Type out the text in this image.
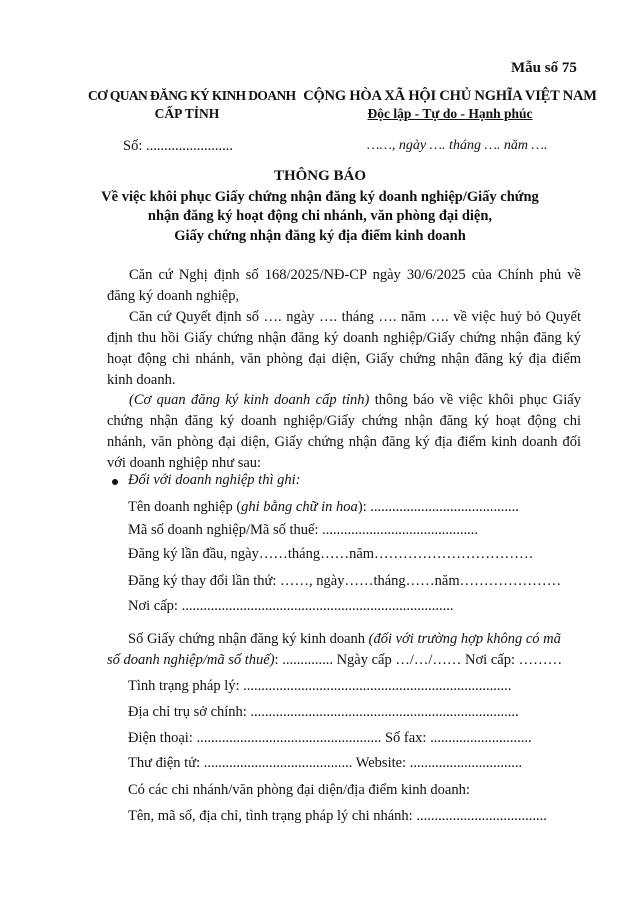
Mẫu số 75
CƠ QUAN ĐĂNG KÝ KINH DOANH
CẤP TỈNH
CỘNG HÒA XÃ HỘI CHỦ NGHĨA VIỆT NAM
Độc lập - Tự do - Hạnh phúc
Số: ........................	……, ngày …. tháng …. năm ….
THÔNG BÁO
Về việc khôi phục Giấy chứng nhận đăng ký doanh nghiệp/Giấy chứng
nhận đăng ký hoạt động chi nhánh, văn phòng đại diện,
Giấy chứng nhận đăng ký địa điểm kinh doanh
Căn cứ Nghị định số 168/2025/NĐ-CP ngày 30/6/2025 của Chính phủ về đăng ký doanh nghiệp,
Căn cứ Quyết định số …. ngày …. tháng …. năm …. về việc huỷ bỏ Quyết định thu hồi Giấy chứng nhận đăng ký doanh nghiệp/Giấy chứng nhận đăng ký hoạt động chi nhánh, văn phòng đại diện, Giấy chứng nhận đăng ký địa điểm kinh doanh.
(Cơ quan đăng ký kinh doanh cấp tỉnh) thông báo về việc khôi phục Giấy chứng nhận đăng ký doanh nghiệp/Giấy chứng nhận đăng ký hoạt động chi nhánh, văn phòng đại diện, Giấy chứng nhận đăng ký địa điểm kinh doanh đối với doanh nghiệp như sau:
Đối với doanh nghiệp thì ghi:
Tên doanh nghiệp (ghi bằng chữ in hoa): .........................................
Mã số doanh nghiệp/Mã số thuế: ...........................................
Đăng ký lần đầu, ngày……tháng……năm……………………………
Đăng ký thay đổi lần thứ: ……, ngày……tháng……năm…………………
Nơi cấp: ...........................................................................
Số Giấy chứng nhận đăng ký kinh doanh (đối với trường hợp không có mã
số doanh nghiệp/mã số thuế): .............. Ngày cấp …/…/…… Nơi cấp: ………
Tình trạng pháp lý: ..........................................................................
Địa chỉ trụ sở chính: ..........................................................................
Điện thoại: ................................................... Số fax: ............................
Thư điện tử: ......................................... Website: ...............................
Có các chi nhánh/văn phòng đại diện/địa điểm kinh doanh:
Tên, mã số, địa chỉ, tình trạng pháp lý chi nhánh: ....................................
